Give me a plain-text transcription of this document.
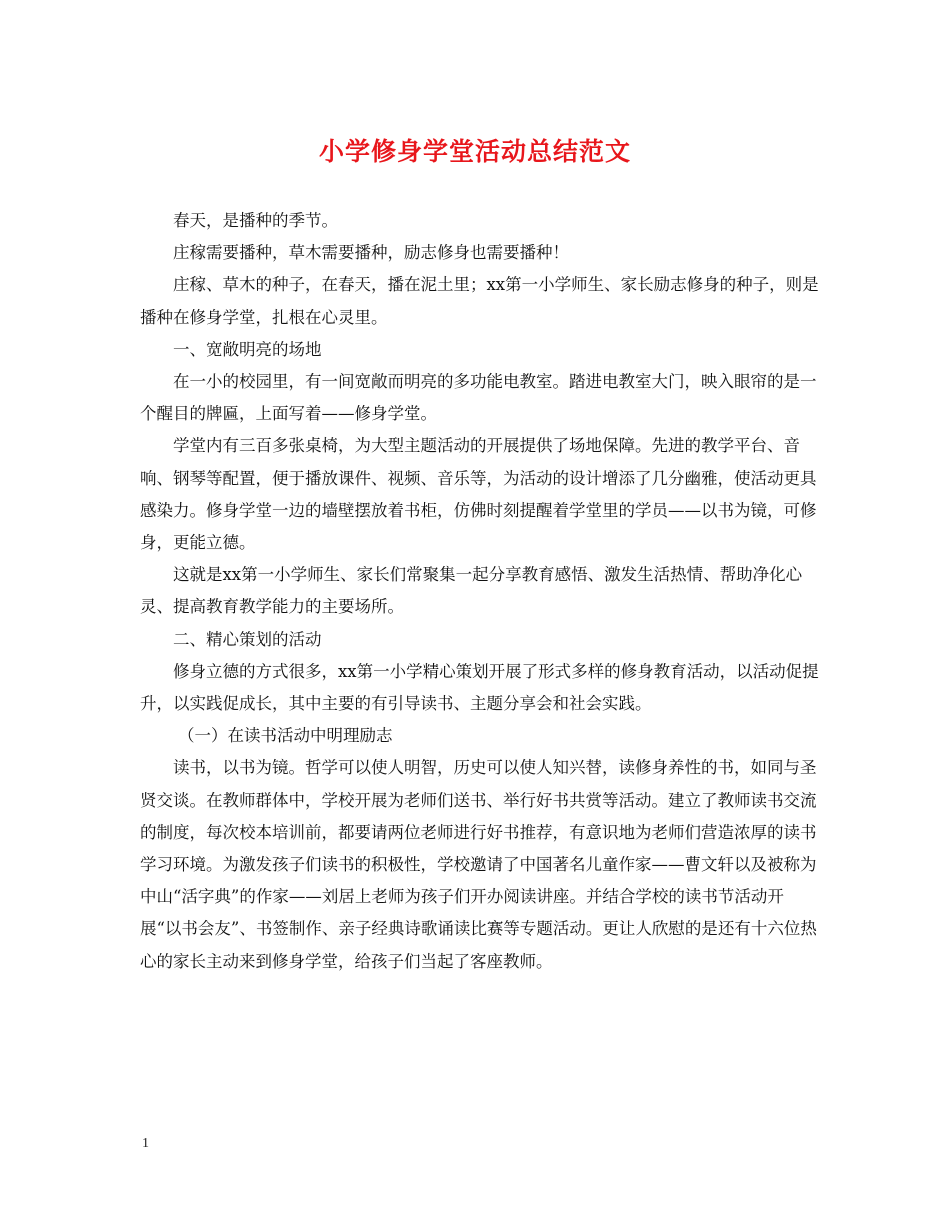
小学修身学堂活动总结范文

春天，是播种的季节。

庄稼需要播种，草木需要播种，励志修身也需要播种！

庄稼、草木的种子，在春天，播在泥土里；xx第一小学师生、家长励志修身的种子，则是播种在修身学堂，扎根在心灵里。

一、宽敞明亮的场地

在一小的校园里，有一间宽敞而明亮的多功能电教室。踏进电教室大门，映入眼帘的是一个醒目的牌匾，上面写着——修身学堂。

学堂内有三百多张桌椅，为大型主题活动的开展提供了场地保障。先进的教学平台、音响、钢琴等配置，便于播放课件、视频、音乐等，为活动的设计增添了几分幽雅，使活动更具感染力。修身学堂一边的墙壁摆放着书柜，仿佛时刻提醒着学堂里的学员——以书为镜，可修身，更能立德。

这就是xx第一小学师生、家长们常聚集一起分享教育感悟、激发生活热情、帮助净化心灵、提高教育教学能力的主要场所。

二、精心策划的活动

修身立德的方式很多，xx第一小学精心策划开展了形式多样的修身教育活动，以活动促提升，以实践促成长，其中主要的有引导读书、主题分享会和社会实践。

（一）在读书活动中明理励志

读书，以书为镜。哲学可以使人明智，历史可以使人知兴替，读修身养性的书，如同与圣贤交谈。在教师群体中，学校开展为老师们送书、举行好书共赏等活动。建立了教师读书交流的制度，每次校本培训前，都要请两位老师进行好书推荐，有意识地为老师们营造浓厚的读书学习环境。为激发孩子们读书的积极性，学校邀请了中国著名儿童作家——曹文轩以及被称为中山“活字典”的作家——刘居上老师为孩子们开办阅读讲座。并结合学校的读书节活动开展“以书会友”、书签制作、亲子经典诗歌诵读比赛等专题活动。更让人欣慰的是还有十六位热心的家长主动来到修身学堂，给孩子们当起了客座教师。

1
